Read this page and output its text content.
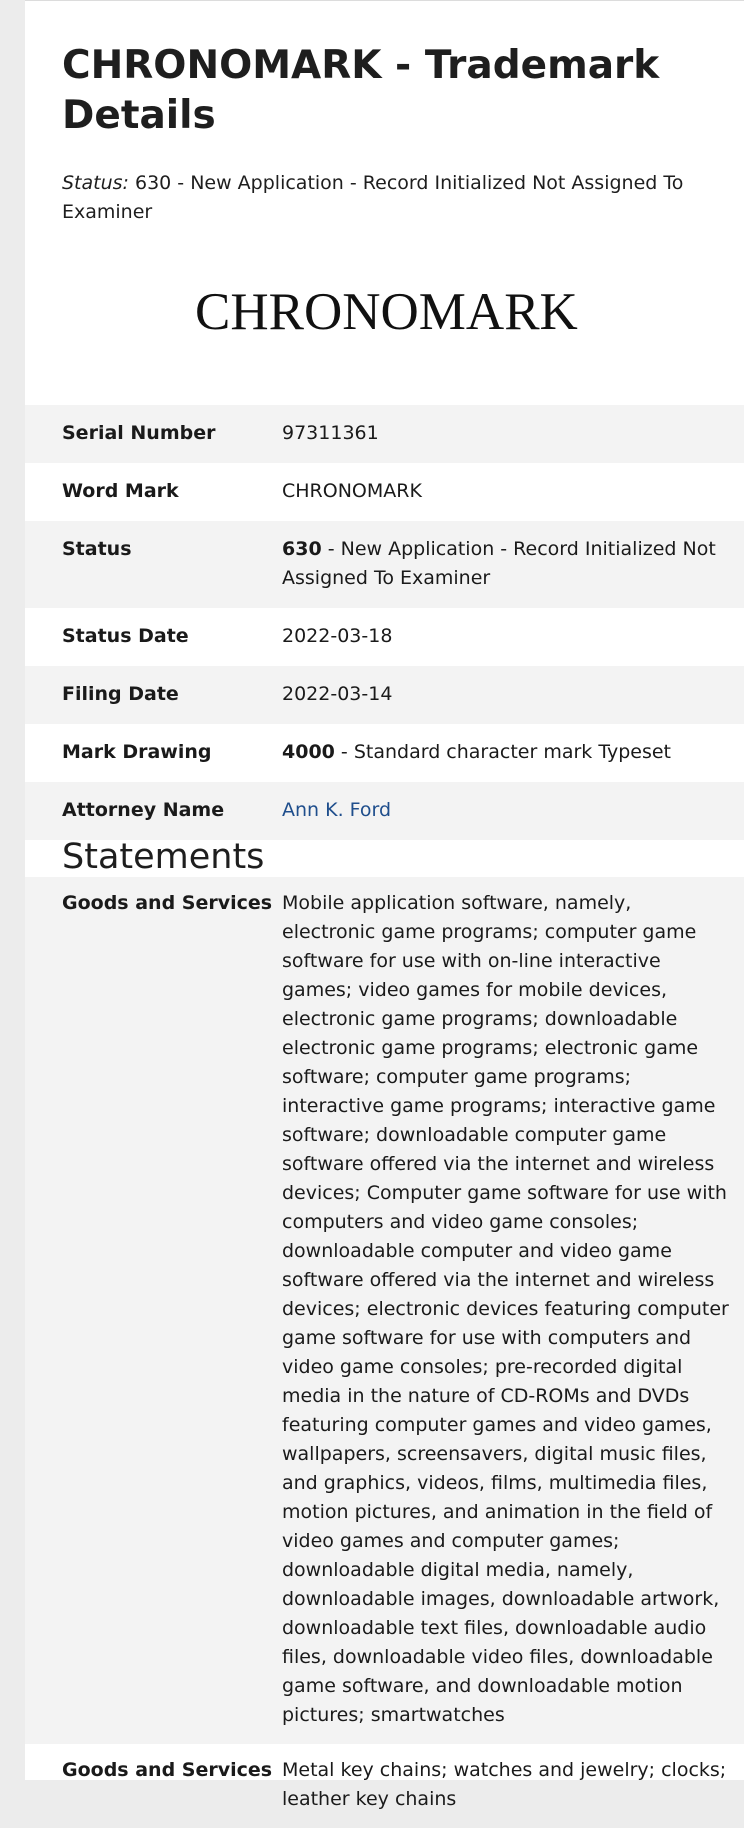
CHRONOMARK - Trademark Details
Status: 630 - New Application - Record Initialized Not Assigned To Examiner
CHRONOMARK
Serial Number	97311361
Word Mark	CHRONOMARK
Status	630 - New Application - Record Initialized Not Assigned To Examiner
Status Date	2022-03-18
Filing Date	2022-03-14
Mark Drawing	4000 - Standard character mark Typeset
Attorney Name	Ann K. Ford
Statements
Goods and Services	Mobile application software, namely, electronic game programs; computer game software for use with on-line interactive games; video games for mobile devices, electronic game programs; downloadable electronic game programs; electronic game software; computer game programs; interactive game programs; interactive game software; downloadable computer game software offered via the internet and wireless devices; Computer game software for use with computers and video game consoles; downloadable computer and video game software offered via the internet and wireless devices; electronic devices featuring computer game software for use with computers and video game consoles; pre-recorded digital media in the nature of CD-ROMs and DVDs featuring computer games and video games, wallpapers, screensavers, digital music files, and graphics, videos, films, multimedia files, motion pictures, and animation in the field of video games and computer games; downloadable digital media, namely, downloadable images, downloadable artwork, downloadable text files, downloadable audio files, downloadable video files, downloadable game software, and downloadable motion pictures; smartwatches
Goods and Services	Metal key chains; watches and jewelry; clocks; leather key chains
